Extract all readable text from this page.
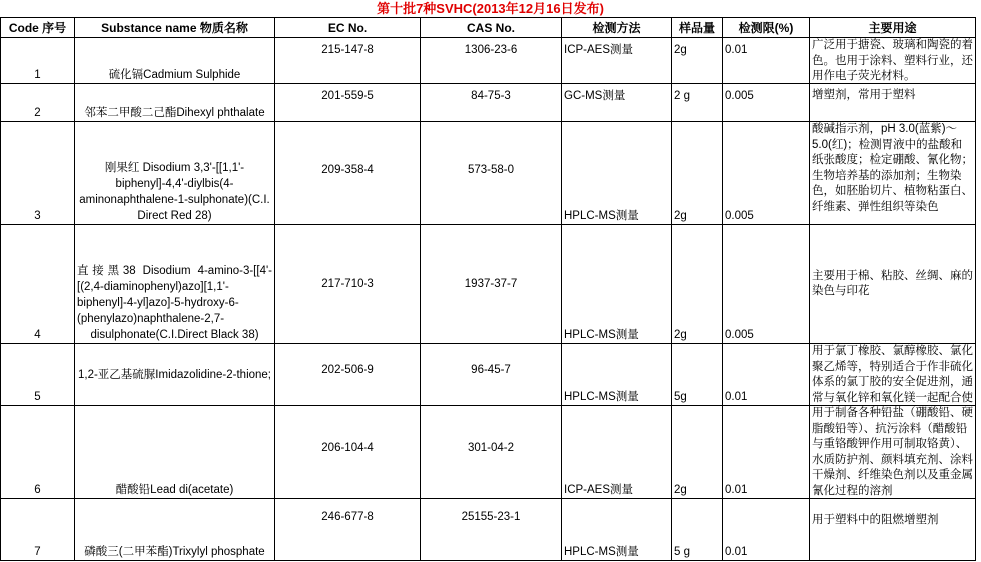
第十批7种SVHC(2013年12月16日发布)
Code 序号	Substance name 物质名称	EC No.	CAS No.	检测方法	样品量	检测限(%)	主要用途
1	硫化镉Cadmium Sulphide	215-147-8	1306-23-6	ICP-AES测量	2g	0.01	广泛用于搪瓷、玻璃和陶瓷的着色。也用于涂料、塑料行业，还用作电子荧光材料。

2	邻苯二甲酸二己酯Dihexyl phthalate	201-559-5	84-75-3	GC-MS测量	2 g	0.005	增塑剂，常用于塑料
3	刚果红 Disodium 3,3'-[[1,1'-biphenyl]-4,4'-diylbis(4-aminonaphthalene-1-sulphonate)(C.I. Direct Red 28)	209-358-4	573-58-0	HPLC-MS测量	2g	0.005	酸碱指示剂，pH 3.0(蓝紫)～5.0(红)；检测胃液中的盐酸和纸张酸度；检定硼酸、氰化物；生物培养基的添加剂；生物染色，如胚胎切片、植物粘蛋白、纤维素、弹性组织等染色
4	直接黑38 Disodium 4-amino-3-[[4'-[(2,4-diaminophenyl)azo][1,1'-biphenyl]-4-yl]azo]-5-hydroxy-6-(phenylazo)naphthalene-2,7-disulphonate(C.I.Direct Black 38)	217-710-3	1937-37-7	HPLC-MS测量	2g	0.005	主要用于棉、粘胶、丝绸、麻的染色与印花
5	1,2-亚乙基硫脲Imidazolidine-2-thione;	202-506-9	96-45-7	HPLC-MS测量	5g	0.01	用于氯丁橡胶、氯醇橡胶、氯化聚乙烯等，特别适合于作非硫化体系的氯丁胶的安全促进剂，通常与氧化锌和氧化镁一起配合使

6	醋酸铅Lead di(acetate)	206-104-4	301-04-2	ICP-AES测量	2g	0.01	用于制备各种铅盐（硼酸铅、硬脂酸铅等）、抗污涂料（醋酸铅与重铬酸钾作用可制取铬黄）、水质防护剂、颜料填充剂、涂料干燥剂、纤维染色剂以及重金属氰化过程的溶剂

7	磷酸三(二甲苯酯)Trixylyl phosphate	246-677-8	25155-23-1	HPLC-MS测量	5 g	0.01	用于塑料中的阻燃增塑剂
